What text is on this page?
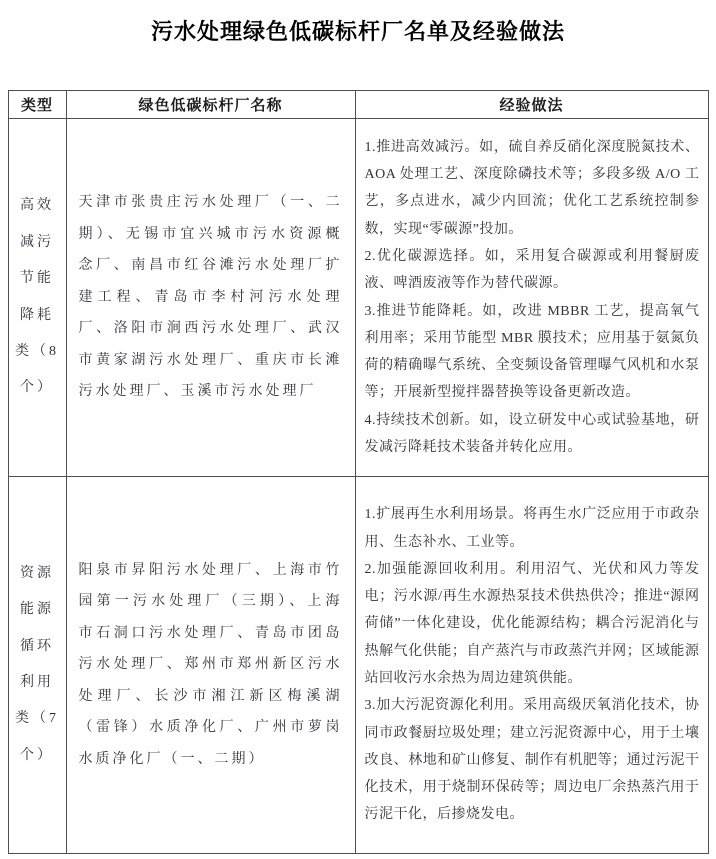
污水处理绿色低碳标杆厂名单及经验做法
类型	绿色低碳标杆厂名称	经验做法
高效减污节能降耗类（8个）	天津市张贵庄污水处理厂（一、二期）、无锡市宜兴城市污水资源概念厂、南昌市红谷滩污水处理厂扩建工程、青岛市李村河污水处理厂、洛阳市涧西污水处理厂、武汉市黄家湖污水处理厂、重庆市长滩污水处理厂、玉溪市污水处理厂	1.推进高效减污。如，硫自养反硝化深度脱氮技术、AOA 处理工艺、深度除磷技术等；多段多级 A/O 工艺，多点进水，减少内回流；优化工艺系统控制参数，实现“零碳源”投加。

2.优化碳源选择。如，采用复合碳源或利用餐厨废液、啤酒废液等作为替代碳源。

3.推进节能降耗。如，改进 MBBR 工艺，提高氧气利用率；采用节能型 MBR 膜技术；应用基于氨氮负荷的精确曝气系统、全变频设备管理曝气风机和水泵等；开展新型搅拌器替换等设备更新改造。

4.持续技术创新。如，设立研发中心或试验基地，研发减污降耗技术装备并转化应用。

资源能源循环利用类（7个）	阳泉市昇阳污水处理厂、上海市竹园第一污水处理厂（三期）、上海市石洞口污水处理厂、青岛市团岛污水处理厂、郑州市郑州新区污水处理厂、长沙市湘江新区梅溪湖（雷锋）水质净化厂、广州市萝岗水质净化厂（一、二期）	1.扩展再生水利用场景。将再生水广泛应用于市政杂用、生态补水、工业等。

2.加强能源回收利用。利用沼气、光伏和风力等发电；污水源/再生水源热泵技术供热供冷；推进“源网荷储”一体化建设，优化能源结构；耦合污泥消化与热解气化供能；自产蒸汽与市政蒸汽并网；区域能源站回收污水余热为周边建筑供能。

3.加大污泥资源化利用。采用高级厌氧消化技术，协同市政餐厨垃圾处理；建立污泥资源中心，用于土壤改良、林地和矿山修复、制作有机肥等；通过污泥干化技术，用于烧制环保砖等；周边电厂余热蒸汽用于污泥干化，后掺烧发电。
